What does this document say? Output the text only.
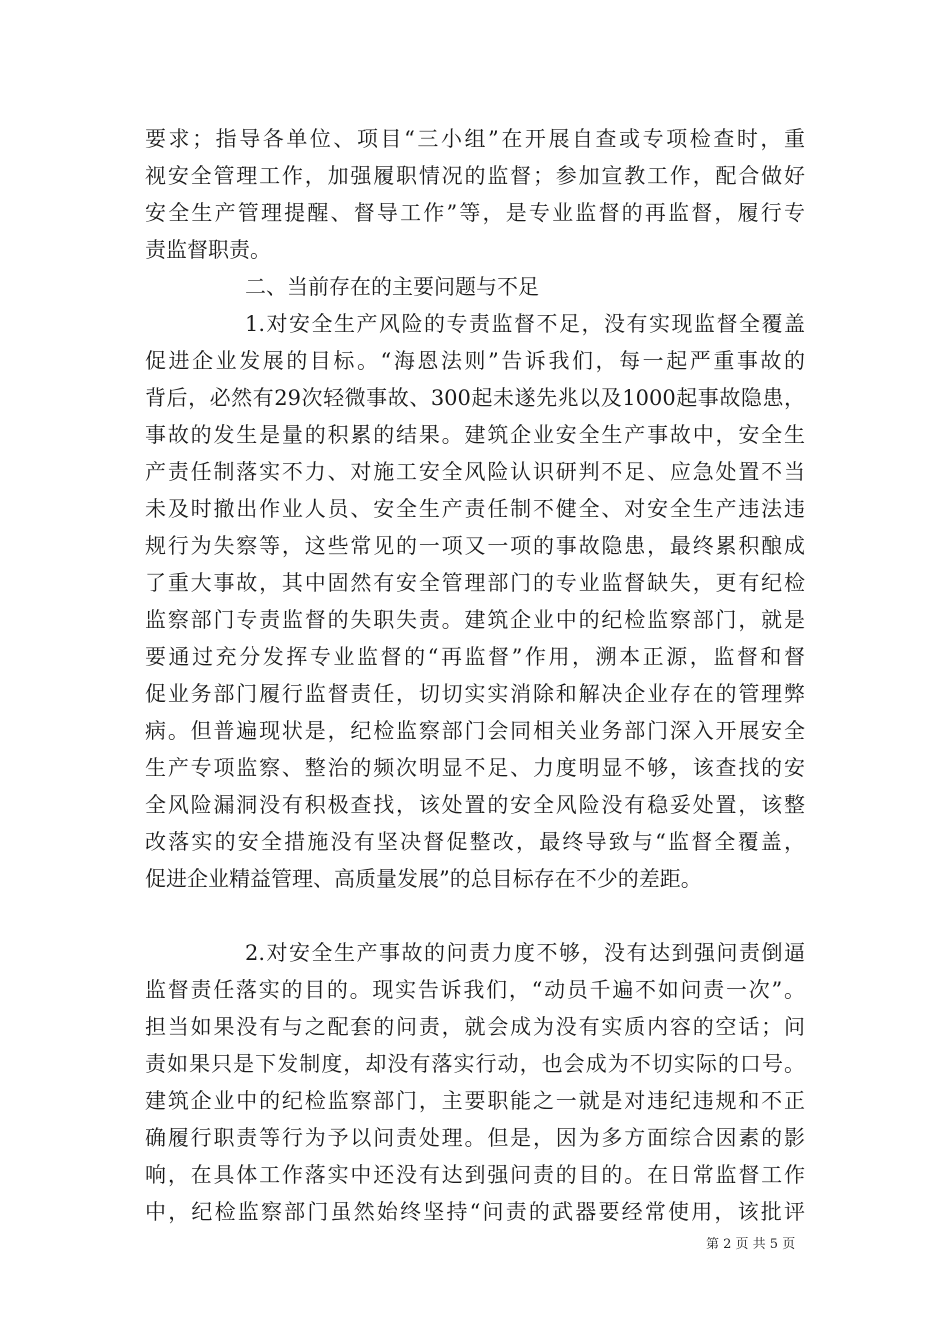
要求；指导各单位、项目“三小组”在开展自查或专项检查时，重
视安全管理工作，加强履职情况的监督；参加宣教工作，配合做好
安全生产管理提醒、督导工作”等，是专业监督的再监督，履行专
责监督职责。
二、当前存在的主要问题与不足
1.对安全生产风险的专责监督不足，没有实现监督全覆盖
促进企业发展的目标。“海恩法则”告诉我们，每一起严重事故的
背后，必然有29次轻微事故、300起未遂先兆以及1000起事故隐患，
事故的发生是量的积累的结果。建筑企业安全生产事故中，安全生
产责任制落实不力、对施工安全风险认识研判不足、应急处置不当
未及时撤出作业人员、安全生产责任制不健全、对安全生产违法违
规行为失察等，这些常见的一项又一项的事故隐患，最终累积酿成
了重大事故，其中固然有安全管理部门的专业监督缺失，更有纪检
监察部门专责监督的失职失责。建筑企业中的纪检监察部门，就是
要通过充分发挥专业监督的“再监督”作用，溯本正源，监督和督
促业务部门履行监督责任，切切实实消除和解决企业存在的管理弊
病。但普遍现状是，纪检监察部门会同相关业务部门深入开展安全
生产专项监察、整治的频次明显不足、力度明显不够，该查找的安
全风险漏洞没有积极查找，该处置的安全风险没有稳妥处置，该整
改落实的安全措施没有坚决督促整改，最终导致与“监督全覆盖，
促进企业精益管理、高质量发展”的总目标存在不少的差距。
2.对安全生产事故的问责力度不够，没有达到强问责倒逼
监督责任落实的目的。现实告诉我们，“动员千遍不如问责一次”。
担当如果没有与之配套的问责，就会成为没有实质内容的空话；问
责如果只是下发制度，却没有落实行动，也会成为不切实际的口号。
建筑企业中的纪检监察部门，主要职能之一就是对违纪违规和不正
确履行职责等行为予以问责处理。但是，因为多方面综合因素的影
响，在具体工作落实中还没有达到强问责的目的。在日常监督工作
中，纪检监察部门虽然始终坚持“问责的武器要经常使用，该批评
第 2 页 共 5 页
